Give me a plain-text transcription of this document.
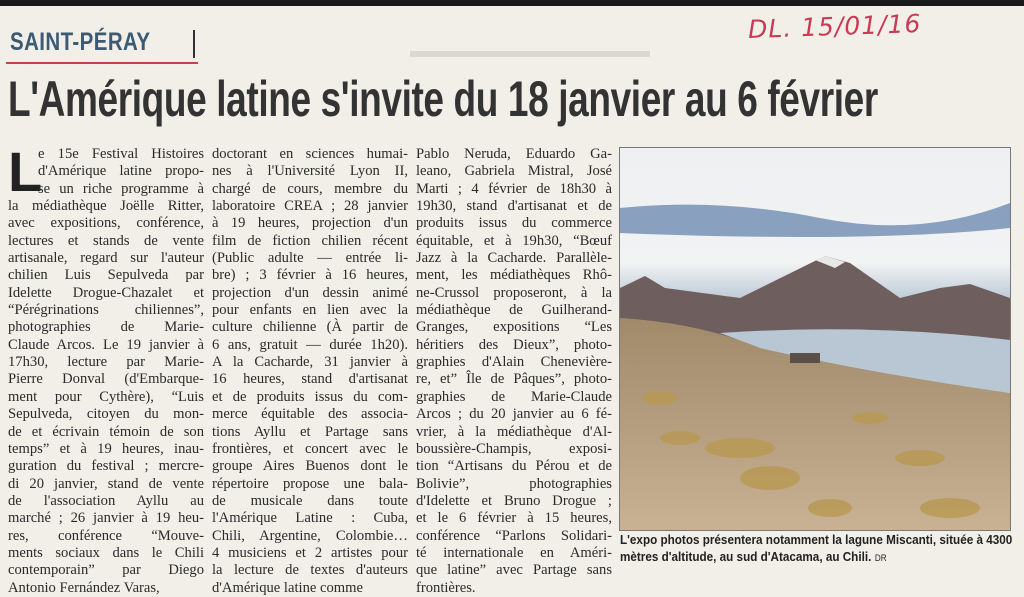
▬▬▬▬▬▬▬▬▬▬▬▬
SAINT-PÉRAY	DL. 15/01/16
L'Amérique latine s'invite du 18 janvier au 6 février
L
e 15e Festival Histoires
d'Amérique latine propo-
se un riche programme à
la médiathèque Joëlle Ritter,
avec expositions, conférence,
lectures et stands de vente
artisanale, regard sur l'auteur
chilien Luis Sepulveda par
Idelette Drogue-Chazalet et
“Pérégrinations chiliennes”,
photographies de Marie-
Claude Arcos. Le 19 janvier à
17h30, lecture par Marie-
Pierre Donval (d'Embarque-
ment pour Cythère), “Luis
Sepulveda, citoyen du mon-
de et écrivain témoin de son
temps” et à 19 heures, inau-
guration du festival ; mercre-
di 20 janvier, stand de vente
de l'association Ayllu au
marché ; 26 janvier à 19 heu-
res, conférence “Mouve-
ments sociaux dans le Chili
contemporain” par Diego
Antonio Fernández Varas,
doctorant en sciences humai-
nes à l'Université Lyon II,
chargé de cours, membre du
laboratoire CREA ; 28 janvier
à 19 heures, projection d'un
film de fiction chilien récent
(Public adulte — entrée li-
bre) ; 3 février à 16 heures,
projection d'un dessin animé
pour enfants en lien avec la
culture chilienne (À partir de
6 ans, gratuit — durée 1h20).
A la Cacharde, 31 janvier à
16 heures, stand d'artisanat
et de produits issus du com-
merce équitable des associa-
tions Ayllu et Partage sans
frontières, et concert avec le
groupe Aires Buenos dont le
répertoire propose une bala-
de musicale dans toute
l'Amérique Latine : Cuba,
Chili, Argentine, Colombie…
4 musiciens et 2 artistes pour
la lecture de textes d'auteurs
d'Amérique latine comme
Pablo Neruda, Eduardo Ga-
leano, Gabriela Mistral, José
Marti ; 4 février de 18h30 à
19h30, stand d'artisanat et de
produits issus du commerce
équitable, et à 19h30, “Bœuf
Jazz à la Cacharde. Parallèle-
ment, les médiathèques Rhô-
ne-Crussol proposeront, à la
médiathèque de Guilherand-
Granges, expositions “Les
héritiers des Dieux”, photo-
graphies d'Alain Chenevière-
re, et” Île de Pâques”, photo-
graphies de Marie-Claude
Arcos ; du 20 janvier au 6 fé-
vrier, à la médiathèque d'Al-
boussière-Champis, exposi-
tion “Artisans du Pérou et de
Bolivie”, photographies
d'Idelette et Bruno Drogue ;
et le 6 février à 15 heures,
conférence “Parlons Solidari-
té internationale en Améri-
que latine” avec Partage sans
frontières.
L'expo photos présentera notamment la lagune Miscanti, située à 4300
mètres d'altitude, au sud d'Atacama, au Chili. DR
